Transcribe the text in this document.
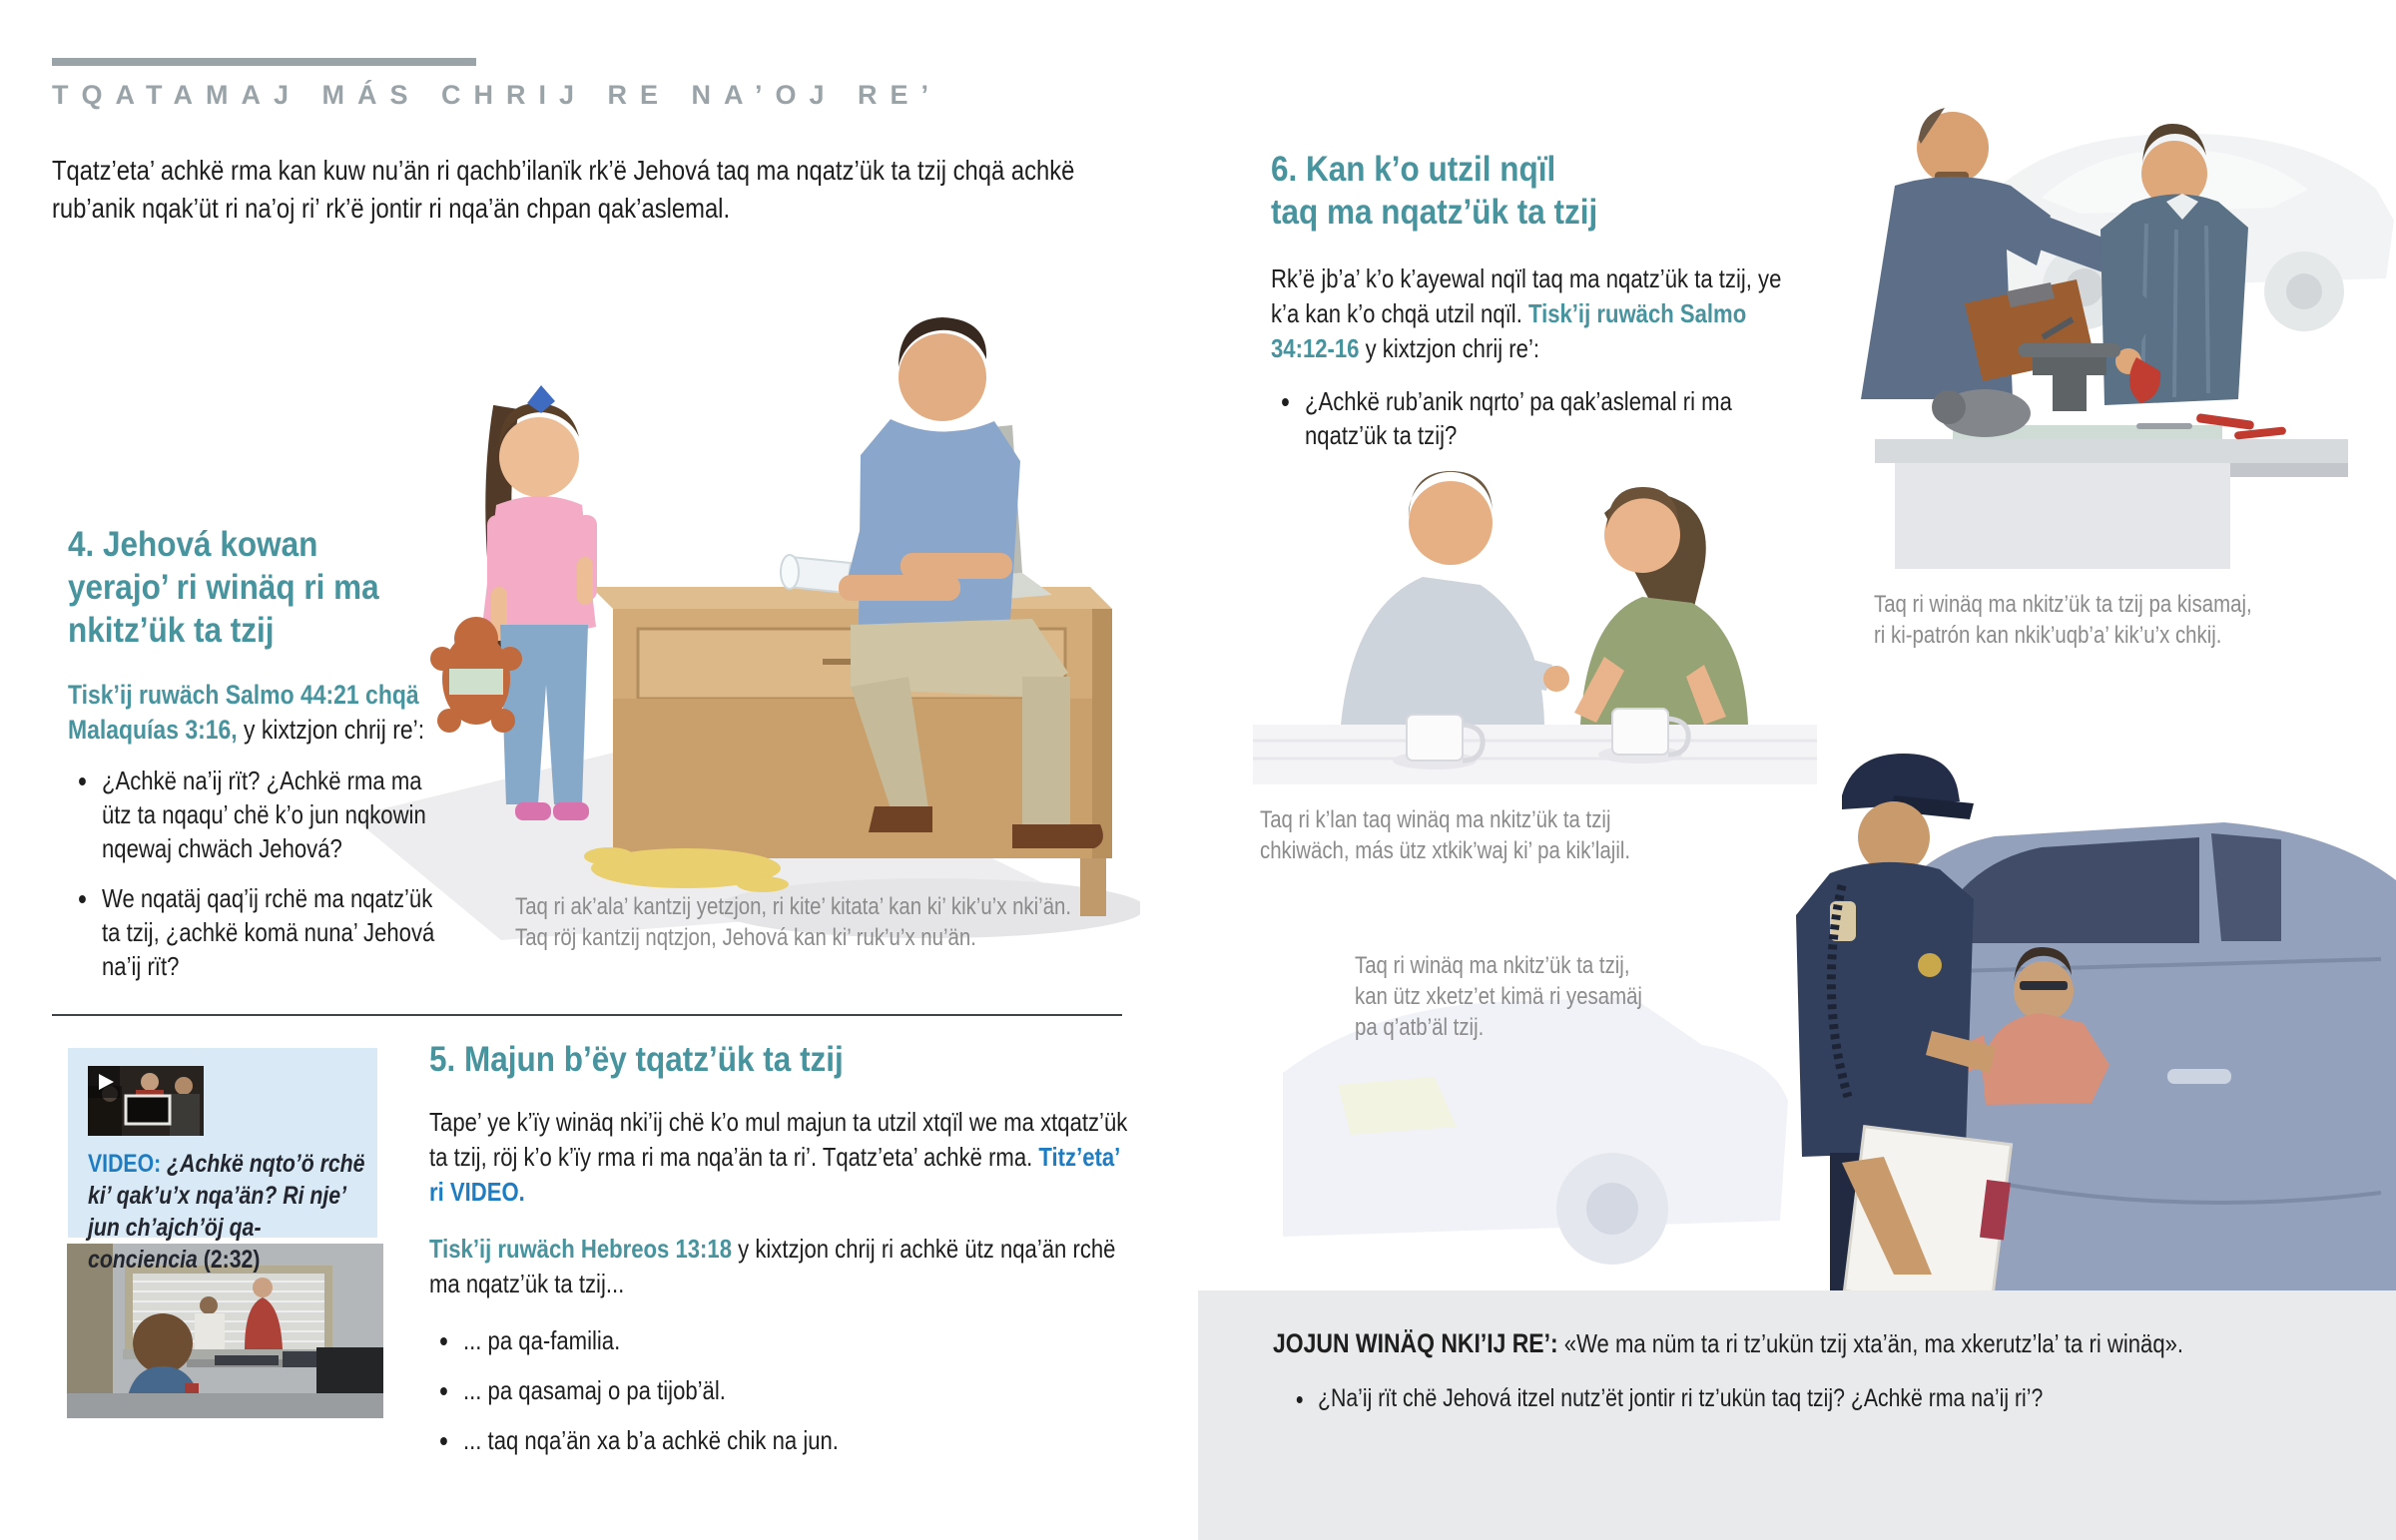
TQATAMAJ MÁS CHRIJ RE NA’OJ RE’

Tqatz’eta’ achkë rma kan kuw nu’än ri qachb’ilanïk rk’ë Jehová taq ma nqatz’ük ta tzij chqä achkë rub’anik nqak’üt ri na’oj ri’ rk’ë jontir ri nqa’än chpan qak’aslemal.

4. Jehová kowan
yerajo’ ri winäq ri ma
nkitz’ük ta tzij

Tisk’ij ruwäch Salmo 44:21 chqä Malaquías 3:16, y kixtzjon chrij re’:

• ¿Achkë na’ij rït? ¿Achkë rma ma ütz ta nqaqu’ chë k’o jun nqkowin nqewaj chwäch Jehová?
• We nqatäj qaq’ij rchë ma nqatz’ük ta tzij, ¿achkë komä nuna’ Jehová na’ij rït?
Taq ri ak’ala’ kantzij yetzjon, ri kite’ kitata’ kan ki’ kik’u’x nki’än.
Taq röj kantzij nqtzjon, Jehová kan ki’ ruk’u’x nu’än.

VIDEO: ¿Achkë nqto’ö rchë ki’ qak’u’x nqa’än? Ri nje’ jun ch’ajch’öj qa-conciencia (2:32)

5. Majun b’ëy tqatz’ük ta tzij

Tape’ ye k’ïy winäq nki’ij chë k’o mul majun ta utzil xtqïl we ma xtqatz’ük ta tzij, röj k’o k’ïy rma ri ma nqa’än ta ri’. Tqatz’eta’ achkë rma. Titz’eta’ ri VIDEO.

Tisk’ij ruwäch Hebreos 13:18 y kixtzjon chrij ri achkë ütz nqa’än rchë ma nqatz’ük ta tzij...

• ... pa qa-familia.
• ... pa qasamaj o pa tijob’äl.
• ... taq nqa’än xa b’a achkë chik na jun.
6. Kan k’o utzil nqïl
taq ma nqatz’ük ta tzij

Rk’ë jb’a’ k’o k’ayewal nqïl taq ma nqatz’ük ta tzij, ye k’a kan k’o chqä utzil nqïl. Tisk’ij ruwäch Salmo 34:12-16 y kixtzjon chrij re’:

• ¿Achkë rub’anik nqrto’ pa qak’aslemal ri ma nqatz’ük ta tzij?
Taq ri winäq ma nkitz’ük ta tzij pa kisamaj,
ri ki-patrón kan nkik’uqb’a’ kik’u’x chkij.
Taq ri k’lan taq winäq ma nkitz’ük ta tzij
chkiwäch, más ütz xtkik’waj ki’ pa kik’lajil.
Taq ri winäq ma nkitz’ük ta tzij,
kan ütz xketz’et kimä ri yesamäj
pa q’atb’äl tzij.

JOJUN WINÄQ NKI’IJ RE’: «We ma nüm ta ri tz’ukün tzij xta’än, ma xkerutz’la’ ta ri winäq».

• ¿Na’ij rït chë Jehová itzel nutz’ët jontir ri tz’ukün taq tzij? ¿Achkë rma na’ij ri’?
